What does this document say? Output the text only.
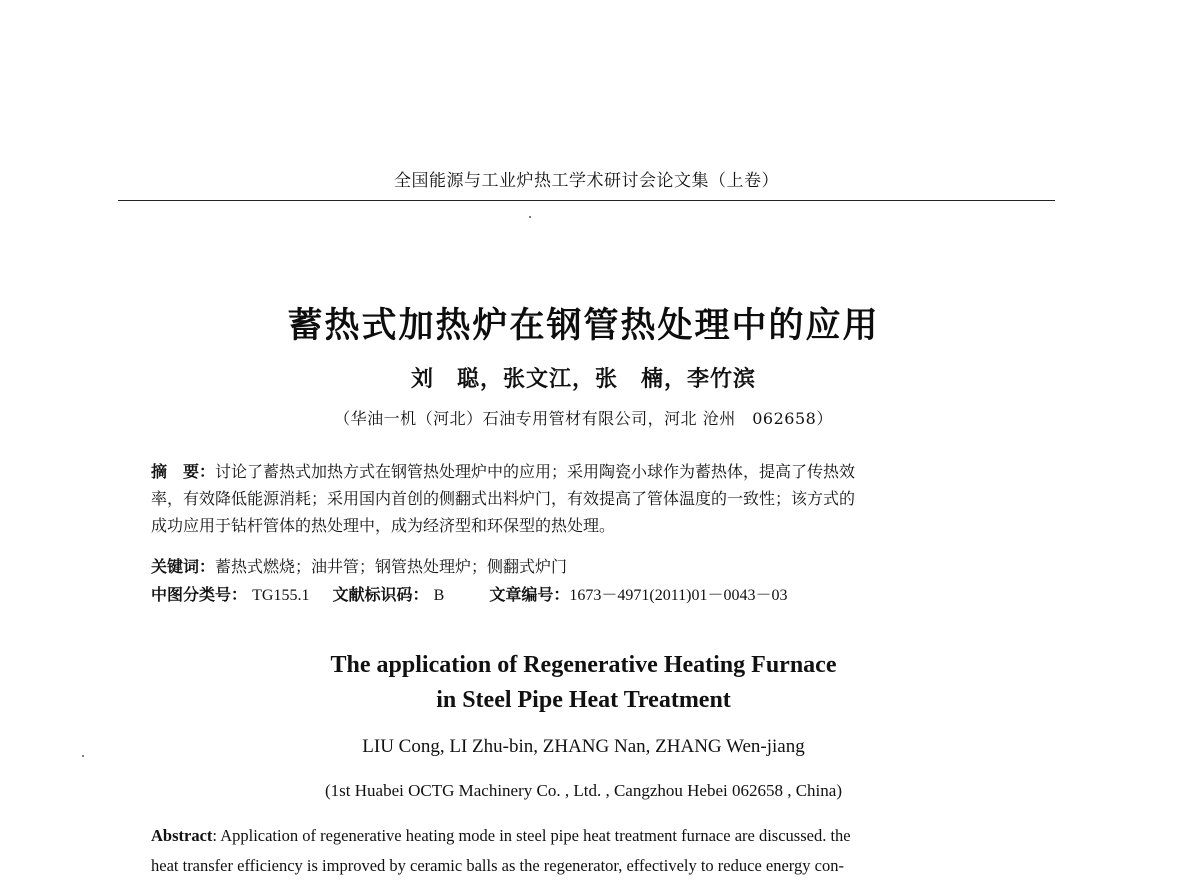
全国能源与工业炉热工学术研讨会论文集（上卷）
蓄热式加热炉在钢管热处理中的应用
刘　聪，张文江，张　楠，李竹滨
（华油一机（河北）石油专用管材有限公司，河北 沧州　062658）
摘　要：讨论了蓄热式加热方式在钢管热处理炉中的应用；采用陶瓷小球作为蓄热体，提高了传热效
率，有效降低能源消耗；采用国内首创的侧翻式出料炉门，有效提高了管体温度的一致性；该方式的
成功应用于钻杆管体的热处理中，成为经济型和环保型的热处理。
关键词：蓄热式燃烧；油井管；钢管热处理炉；侧翻式炉门
中图分类号： TG155.1 文献标识码： B	文章编号：1673－4971(2011)01－0043－03
The application of Regenerative Heating Furnace
in Steel Pipe Heat Treatment
LIU Cong, LI Zhu-bin, ZHANG Nan, ZHANG Wen-jiang
(1st Huabei OCTG Machinery Co. , Ltd. , Cangzhou Hebei 062658 , China)
Abstract: Application of regenerative heating mode in steel pipe heat treatment furnace are discussed. the
heat transfer efficiency is improved by ceramic balls as the regenerator, effectively to reduce energy con-
